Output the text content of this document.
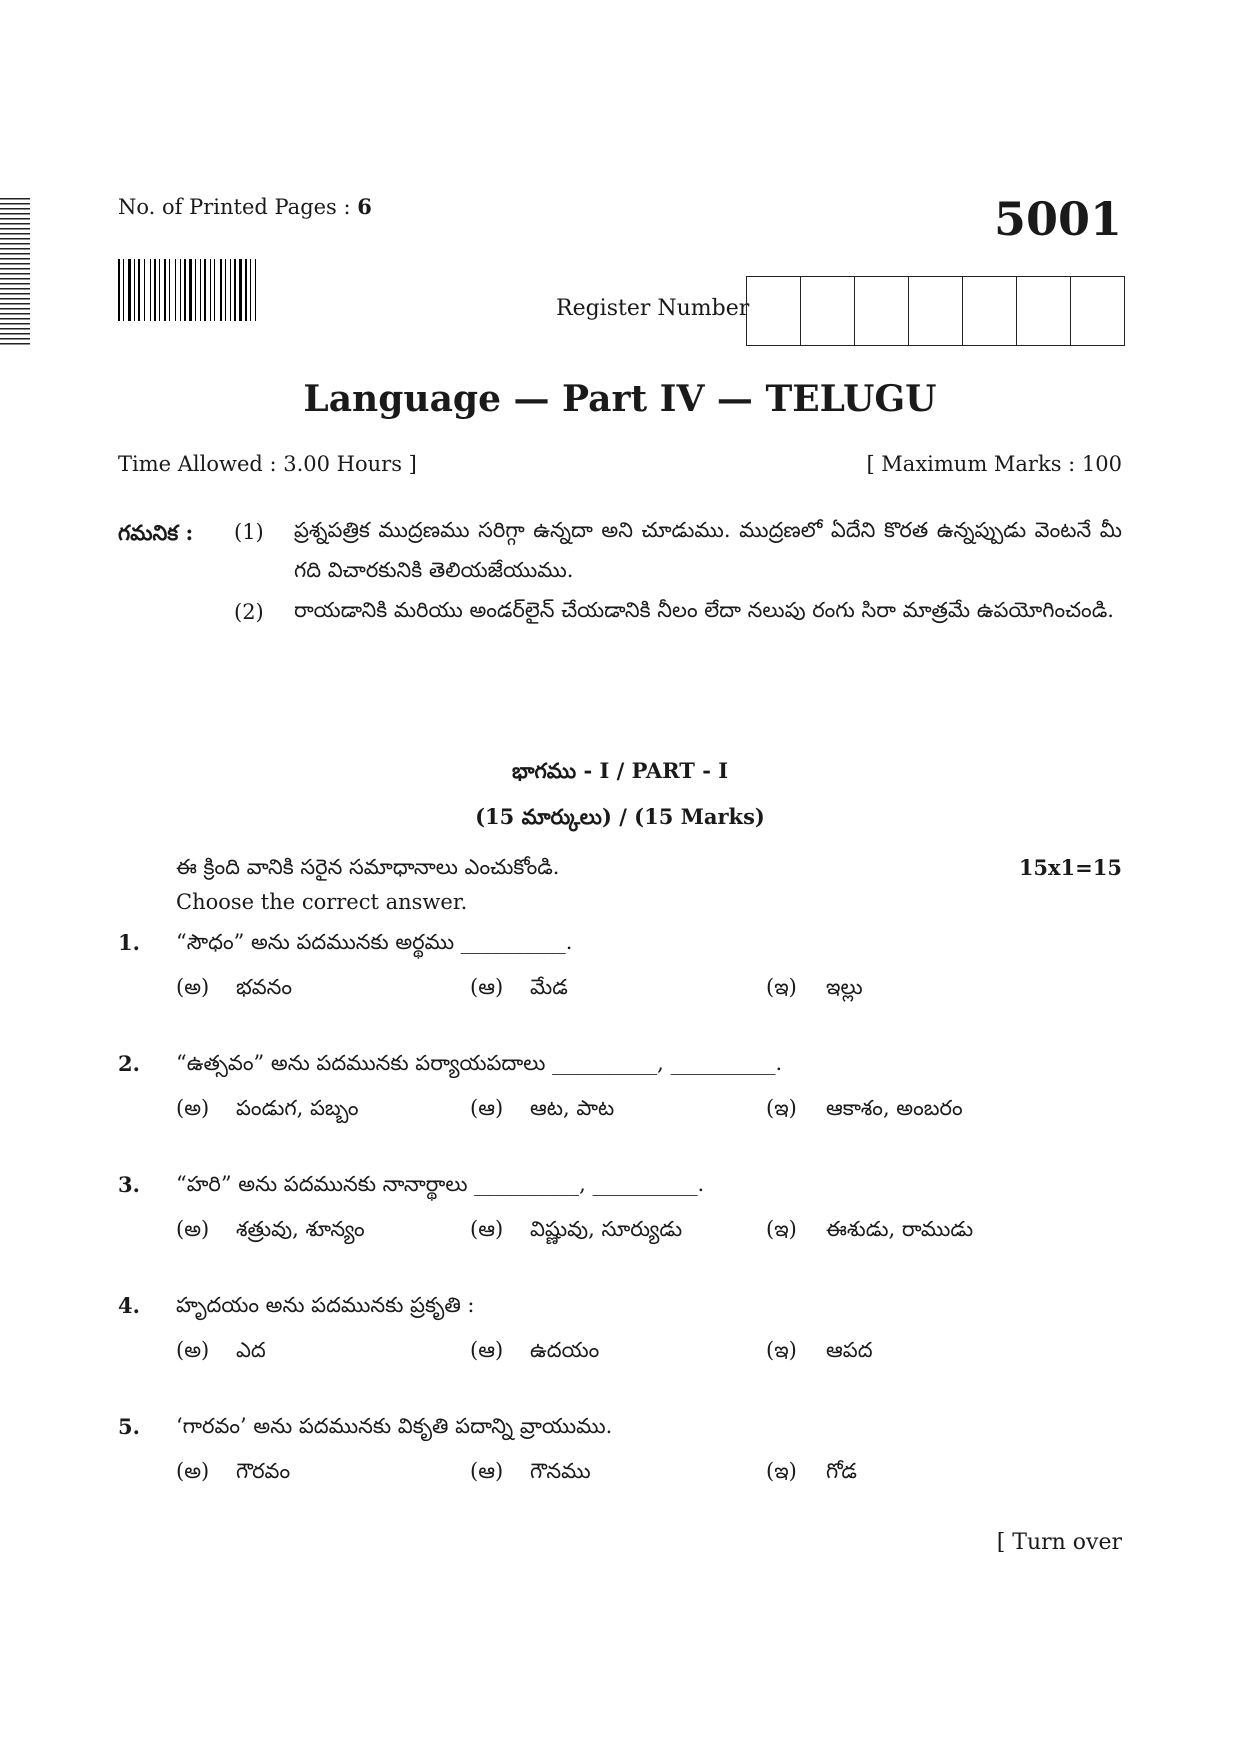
No. of Printed Pages : 6	5001
Register Number
Language — Part IV — TELUGU
Time Allowed : 3.00 Hours ]	[ Maximum Marks : 100
గమనిక : (1) ప్రశ్నపత్రిక ముద్రణము సరిగ్గా ఉన్నదా అని చూడుము. ముద్రణలో ఏదేని కొరత ఉన్నప్పుడు వెంటనే మీ గది విచారకునికి తెలియజేయుము.
(2) రాయడానికి మరియు అండర్‌లైన్ చేయడానికి నీలం లేదా నలుపు రంగు సిరా మాత్రమే ఉపయోగించండి.
భాగము - I / PART - I
(15 మార్కులు) / (15 Marks)
ఈ క్రింది వానికి సరైన సమాధానాలు ఎంచుకోండి.	15x1=15
Choose the correct answer.
1. “సౌధం” అను పదమునకు అర్థము __________.
(అ) భవనం	(ఆ) మేడ	(ఇ) ఇల్లు
2. “ఉత్సవం” అను పదమునకు పర్యాయపదాలు __________, __________.
(అ) పండుగ, పబ్బం	(ఆ) ఆట, పాట	(ఇ) ఆకాశం, అంబరం
3. “హరి” అను పదమునకు నానార్థాలు __________, __________.
(అ) శత్రువు, శూన్యం	(ఆ) విష్ణువు, సూర్యుడు	(ఇ) ఈశుడు, రాముడు
4. హృదయం అను పదమునకు ప్రకృతి :
(అ) ఎద	(ఆ) ఉదయం	(ఇ) ఆపద
5. ‘గారవం’ అను పదమునకు వికృతి పదాన్ని వ్రాయుము.
(అ) గౌరవం	(ఆ) గౌనము	(ఇ) గోడ
[ Turn over
